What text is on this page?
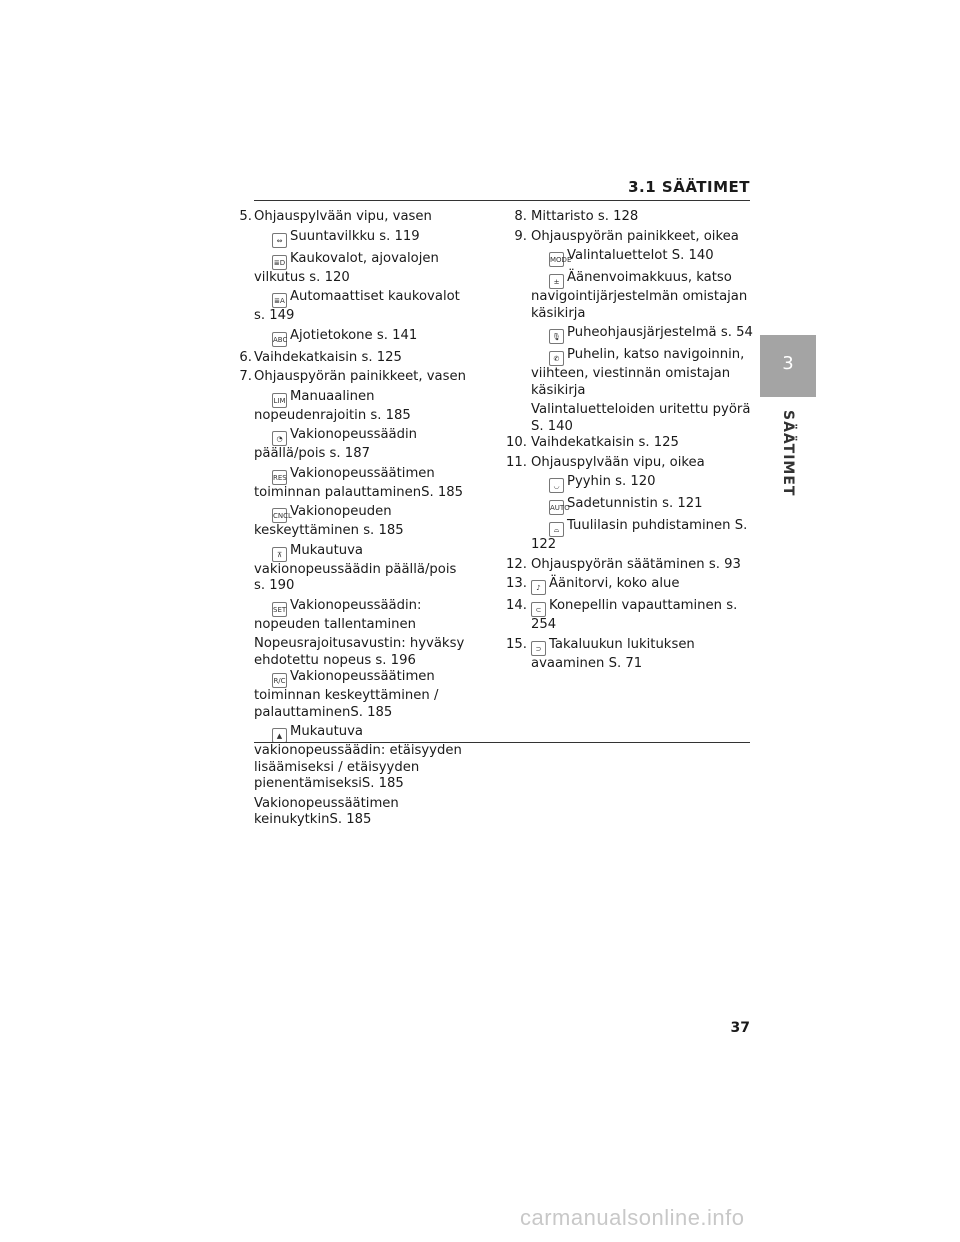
3.1 SÄÄTIMET
3
SÄÄTIMET
5. Ohjauspylvään vipu, vasen
⇔ Suuntavilkku s. 119
≣D Kaukovalot, ajovalojen vilkutus s. 120
≣A Automaattiset kaukovalot s. 149
ABC Ajotietokone s. 141
6. Vaihdekatkaisin s. 125
7. Ohjauspyörän painikkeet, vasen
LIM Manuaalinen nopeudenrajoitin s. 185
◔ Vakionopeussäädin päällä/pois s. 187
RES Vakionopeussäätimen toiminnan palauttaminenS. 185
CNCLVakionopeuden keskeyttäminen s. 185
⊼ Mukautuva vakionopeussäädin päällä/pois s. 190
SET Vakionopeussäädin: nopeuden tallentaminen
Nopeusrajoitusavustin: hyväksy ehdotettu nopeus s. 196
R/C Vakionopeussäätimen toiminnan keskeyttäminen / palauttaminenS. 185
▲ Mukautuva vakionopeussäädin: etäisyyden lisäämiseksi / etäisyyden pienentämiseksiS. 185
Vakionopeussäätimen keinukytkinS. 185
8. Mittaristo s. 128
9. Ohjauspyörän painikkeet, oikea
MODEValintaluettelot S. 140
± Äänenvoimakkuus, katso navigointijärjestelmän omistajan käsikirja
🎙 Puheohjausjärjestelmä s. 54
✆ Puhelin, katso navigoinnin, viihteen, viestinnän omistajan käsikirja
Valintaluetteloiden uritettu pyörä S. 140
10. Vaihdekatkaisin s. 125
11. Ohjauspylvään vipu, oikea
◡ Pyyhin s. 120
AUTOSadetunnistin s. 121
⌓ Tuulilasin puhdistaminen S. 122
12. Ohjauspyörän säätäminen s. 93
13. ♪ Äänitorvi, koko alue
14. ⊂ Konepellin vapauttaminen s. 254
15. ⊃ Takaluukun lukituksen avaaminen S. 71
37
carmanualsonline.info
